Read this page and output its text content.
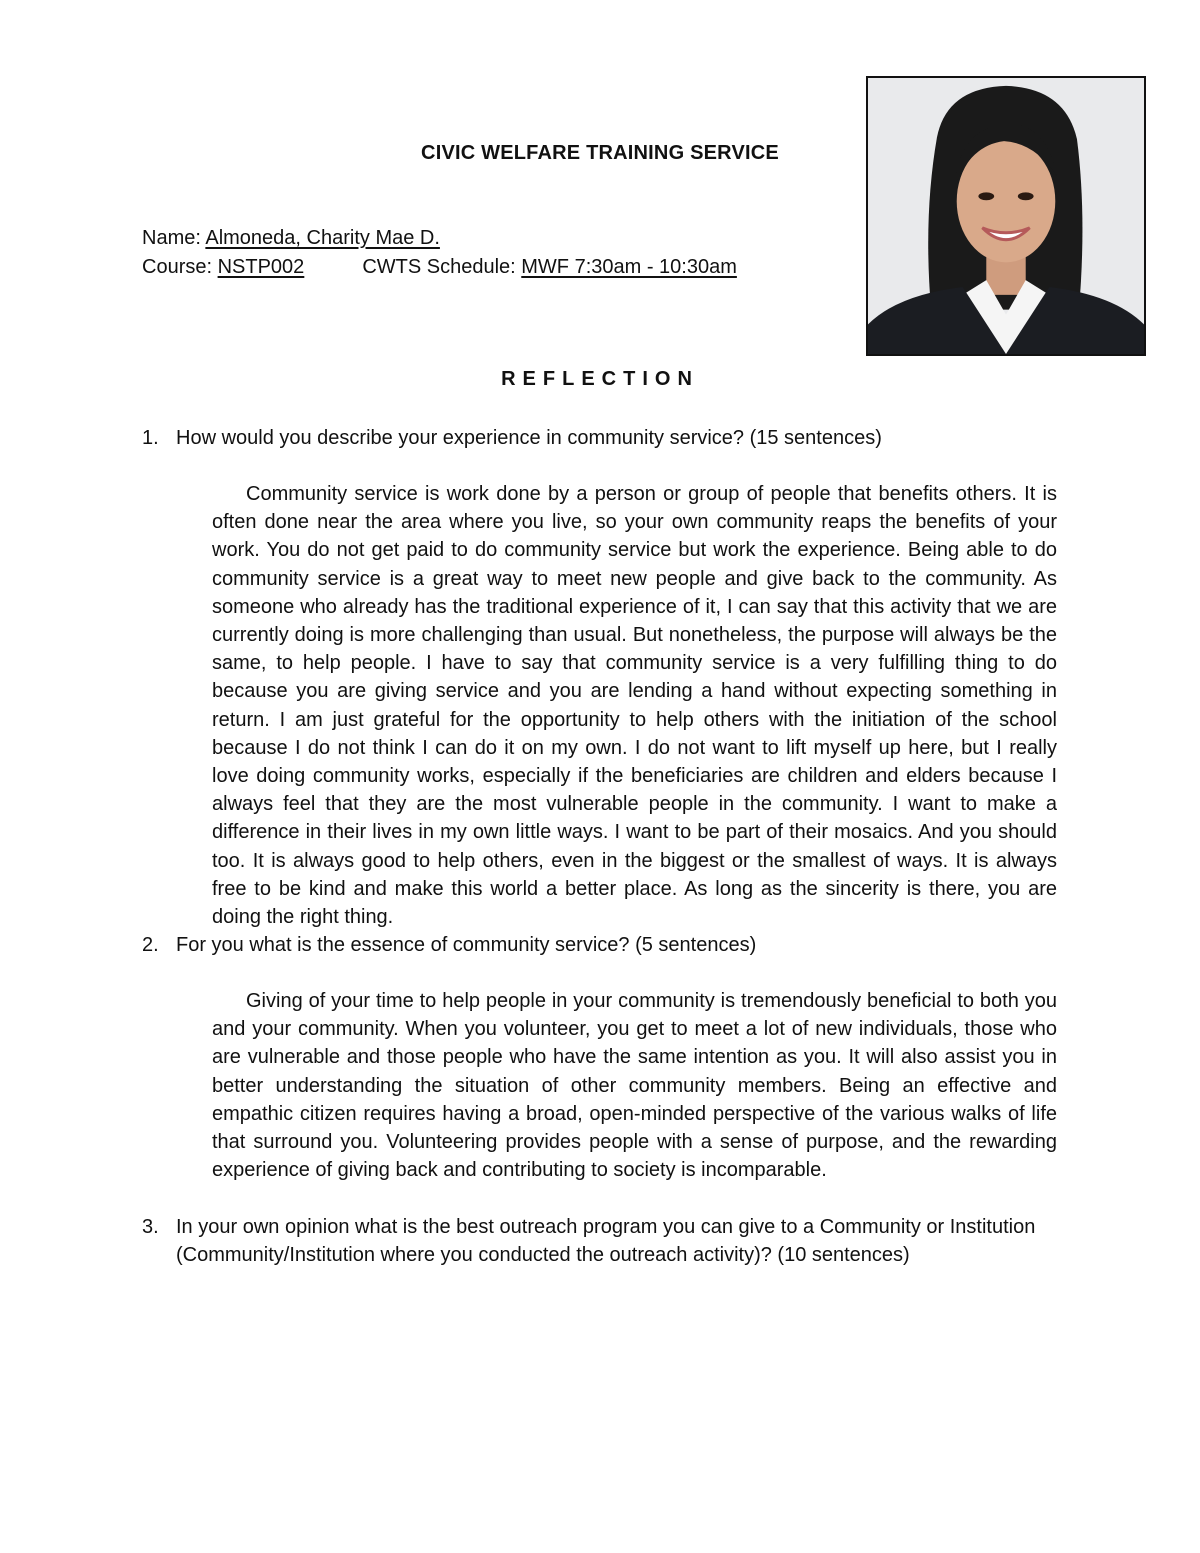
CIVIC WELFARE TRAINING SERVICE
Name: Almoneda, Charity Mae D.
Course: NSTP002	CWTS Schedule: MWF 7:30am - 10:30am
REFLECTION
1. How would you describe your experience in community service? (15 sentences)

Community service is work done by a person or group of people that benefits others. It is often done near the area where you live, so your own community reaps the benefits of your work. You do not get paid to do community service but work the experience. Being able to do community service is a great way to meet new people and give back to the community. As someone who already has the traditional experience of it, I can say that this activity that we are currently doing is more challenging than usual. But nonetheless, the purpose will always be the same, to help people. I have to say that community service is a very fulfilling thing to do because you are giving service and you are lending a hand without expecting something in return. I am just grateful for the opportunity to help others with the initiation of the school because I do not think I can do it on my own. I do not want to lift myself up here, but I really love doing community works, especially if the beneficiaries are children and elders because I always feel that they are the most vulnerable people in the community. I want to make a difference in their lives in my own little ways. I want to be part of their mosaics. And you should too. It is always good to help others, even in the biggest or the smallest of ways. It is always free to be kind and make this world a better place. As long as the sincerity is there, you are doing the right thing.

2. For you what is the essence of community service? (5 sentences)

Giving of your time to help people in your community is tremendously beneficial to both you and your community. When you volunteer, you get to meet a lot of new individuals, those who are vulnerable and those people who have the same intention as you. It will also assist you in better understanding the situation of other community members. Being an effective and empathic citizen requires having a broad, open-minded perspective of the various walks of life that surround you. Volunteering provides people with a sense of purpose, and the rewarding experience of giving back and contributing to society is incomparable.

3. In your own opinion what is the best outreach program you can give to a Community or Institution (Community/Institution where you conducted the outreach activity)? (10 sentences)
